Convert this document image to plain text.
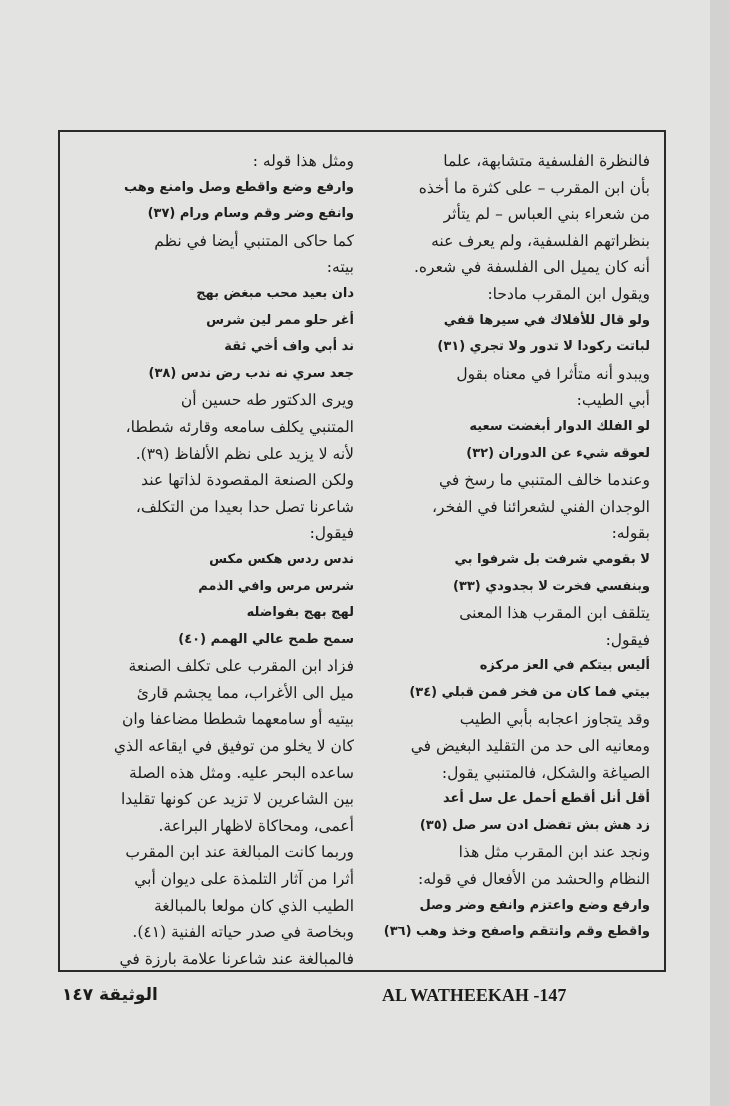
فالنظرة الفلسفية متشابهة، علما
بأن ابن المقرب – على كثرة ما أخذه
من شعراء بني العباس – لم يتأثر
بنظراتهم الفلسفية، ولم يعرف عنه
أنه كان يميل الى الفلسفة في شعره.
ويقول ابن المقرب مادحا:
ولو قال للأفلاك في سيرها قفي
لباتت ركودا لا تدور ولا تجري (٣١)
ويبدو أنه متأثرا في معناه بقول
أبي الطيب:
لو الفلك الدوار أبغضت سعيه
لعوقه شيء عن الدوران (٣٢)
وعندما خالف المتنبي ما رسخ في
الوجدان الفني لشعرائنا في الفخر،
بقوله:
لا بقومي شرفت بل شرفوا بي
وبنفسي فخرت لا بجدودي (٣٣)
يتلقف ابن المقرب هذا المعنى
فيقول:
أليس بيتكم في العز مركزه
بيتي فما كان من فخر فمن قبلي (٣٤)
وقد يتجاوز اعجابه بأبي الطيب
ومعانيه الى حد من التقليد البغيض في
الصياغة والشكل، فالمتنبي يقول:
أقل أنل أقطع أحمل عل سل أعد
زد هش بش تفضل ادن سر صل (٣٥)
ونجد عند ابن المقرب مثل هذا
النظام والحشد من الأفعال في قوله:
وارفع وضع واعتزم وانفع وضر وصل
واقطع وقم وانتقم واصفح وخذ وهب (٣٦)
ومثل هذا قوله :
وارفع وضع واقطع وصل وامنع وهب
وانفع وضر وقم وسام ورام (٣٧)
كما حاكى المتنبي أيضا في نظم
بيته:
دان بعيد محب مبغض بهج
أغر حلو ممر لين شرس
ند أبي واف أخي ثقة
جعد سري نه ندب رض ندس (٣٨)
ويرى الدكتور طه حسين أن
المتنبي يكلف سامعه وقارئه شططا،
لأنه لا يزيد على نظم الألفاظ (٣٩).
ولكن الصنعة المقصودة لذاتها عند
شاعرنا تصل حدا بعيدا من التكلف،
فيقول:
ندس ردس هكس مكس
شرس مرس وافي الذمم
لهج بهج بفواضله
سمح طمح عالي الهمم (٤٠)
فزاد ابن المقرب على تكلف الصنعة
ميل الى الأغراب، مما يجشم قارئ
بيتيه أو سامعهما شططا مضاعفا وان
كان لا يخلو من توفيق في ايقاعه الذي
ساعده البحر عليه. ومثل هذه الصلة
بين الشاعرين لا تزيد عن كونها تقليدا
أعمى، ومحاكاة لاظهار البراعة.
وربما كانت المبالغة عند ابن المقرب
أثرا من آثار التلمذة على ديوان أبي
الطيب الذي كان مولعا بالمبالغة
وبخاصة في صدر حياته الفنية (٤١).
فالمبالغة عند شاعرنا علامة بارزة في
AL WATHEEKAH -147
الوثيقة ١٤٧
